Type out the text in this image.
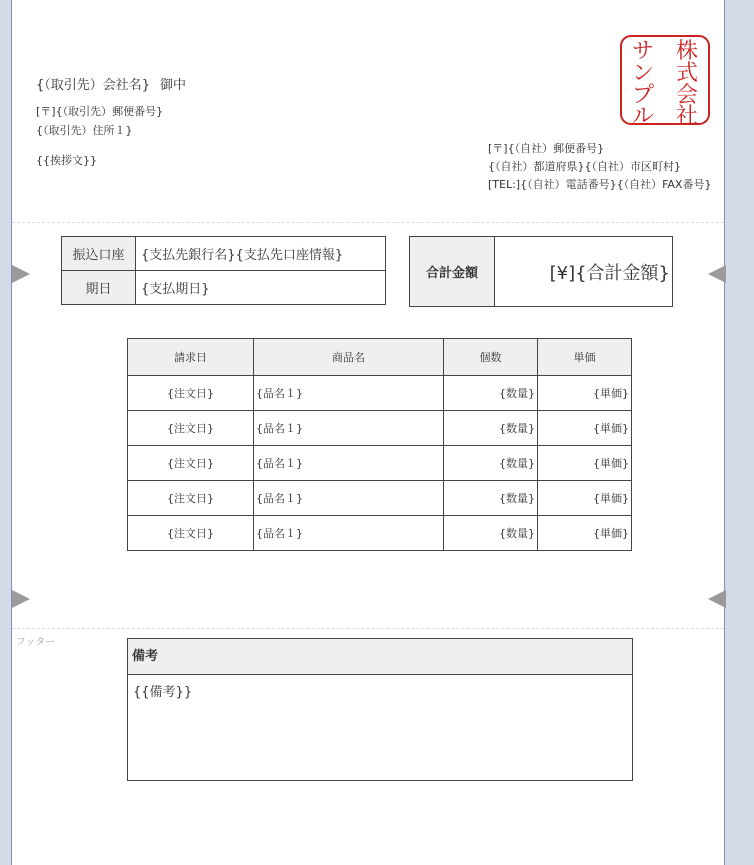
{（取引先）会社名} 御中
[〒]{（取引先）郵便番号}
{（取引先）住所１}
{{挨拶文}}
株
式
会
社
サ
ン
プ
ル
[〒]{（自社）郵便番号}
{（自社）都道府県}{（自社）市区町村}
[TEL:]{（自社）電話番号}{（自社）FAX番号}
振込口座	{支払先銀行名}{支払先口座情報}
期日	{支払期日}
合計金額	[¥]{合計金額}
請求日	商品名	個数	単価
{注文日}	{品名１}	{数量}	{単価}
{注文日}	{品名１}	{数量}	{単価}
{注文日}	{品名１}	{数量}	{単価}
{注文日}	{品名１}	{数量}	{単価}
{注文日}	{品名１}	{数量}	{単価}
フッター
備考
{{備考}}
